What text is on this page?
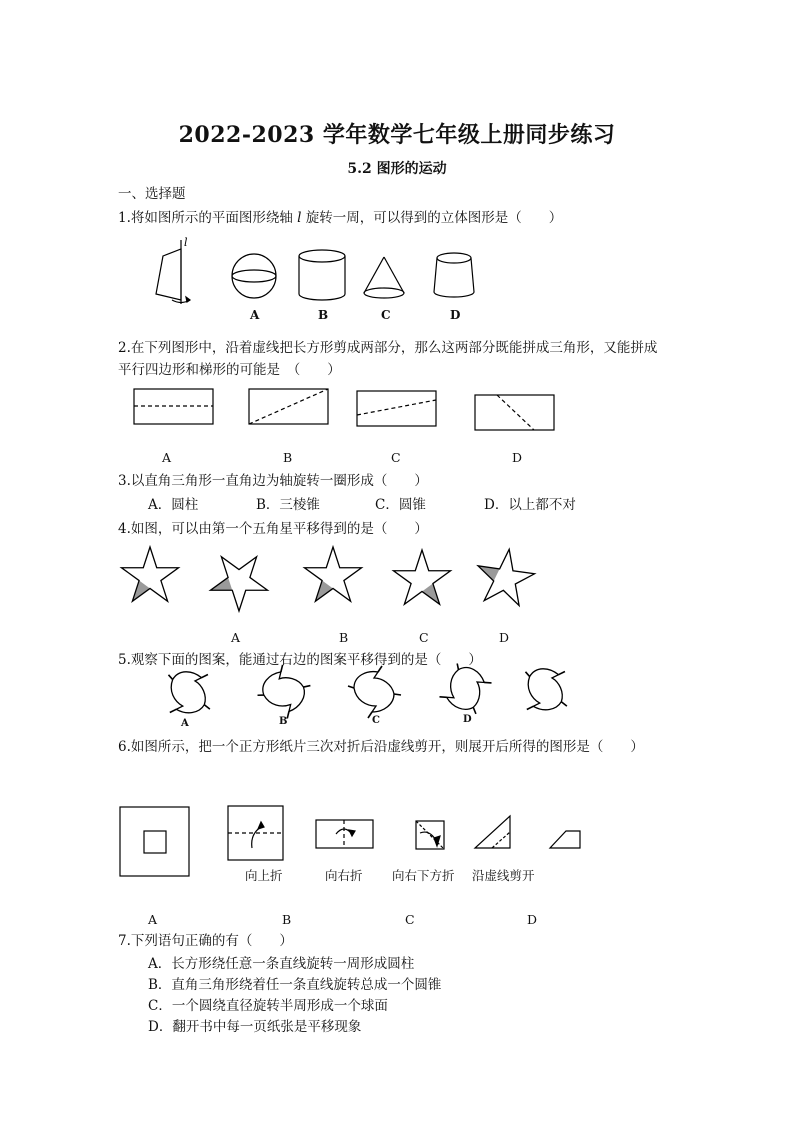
2022-2023 学年数学七年级上册同步练习
5.2 图形的运动
一、选择题
1.将如图所示的平面图形绕轴 l 旋转一周，可以得到的立体图形是（　　）
l
A	B	C	D
2.在下列图形中，沿着虚线把长方形剪成两部分，那么这两部分既能拼成三角形，又能拼成
平行四边形和梯形的可能是　（　　）
A	B	C	D
3.以直角三角形一直角边为轴旋转一圈形成（　　）
A．圆柱	B．三棱锥	C．圆锥	D．以上都不对
4.如图，可以由第一个五角星平移得到的是（　　）
A	B	C	D
5.观察下面的图案，能通过右边的图案平移得到的是（　　）
A	B	C	D
6.如图所示，把一个正方形纸片三次对折后沿虚线剪开，则展开后所得的图形是（　　）
向上折	向右折 向右下方折 沿虚线剪开
A	B	C	D
7.下列语句正确的有（　　）
A．长方形绕任意一条直线旋转一周形成圆柱
B．直角三角形绕着任一条直线旋转总成一个圆锥
C．一个圆绕直径旋转半周形成一个球面
D．翻开书中每一页纸张是平移现象
